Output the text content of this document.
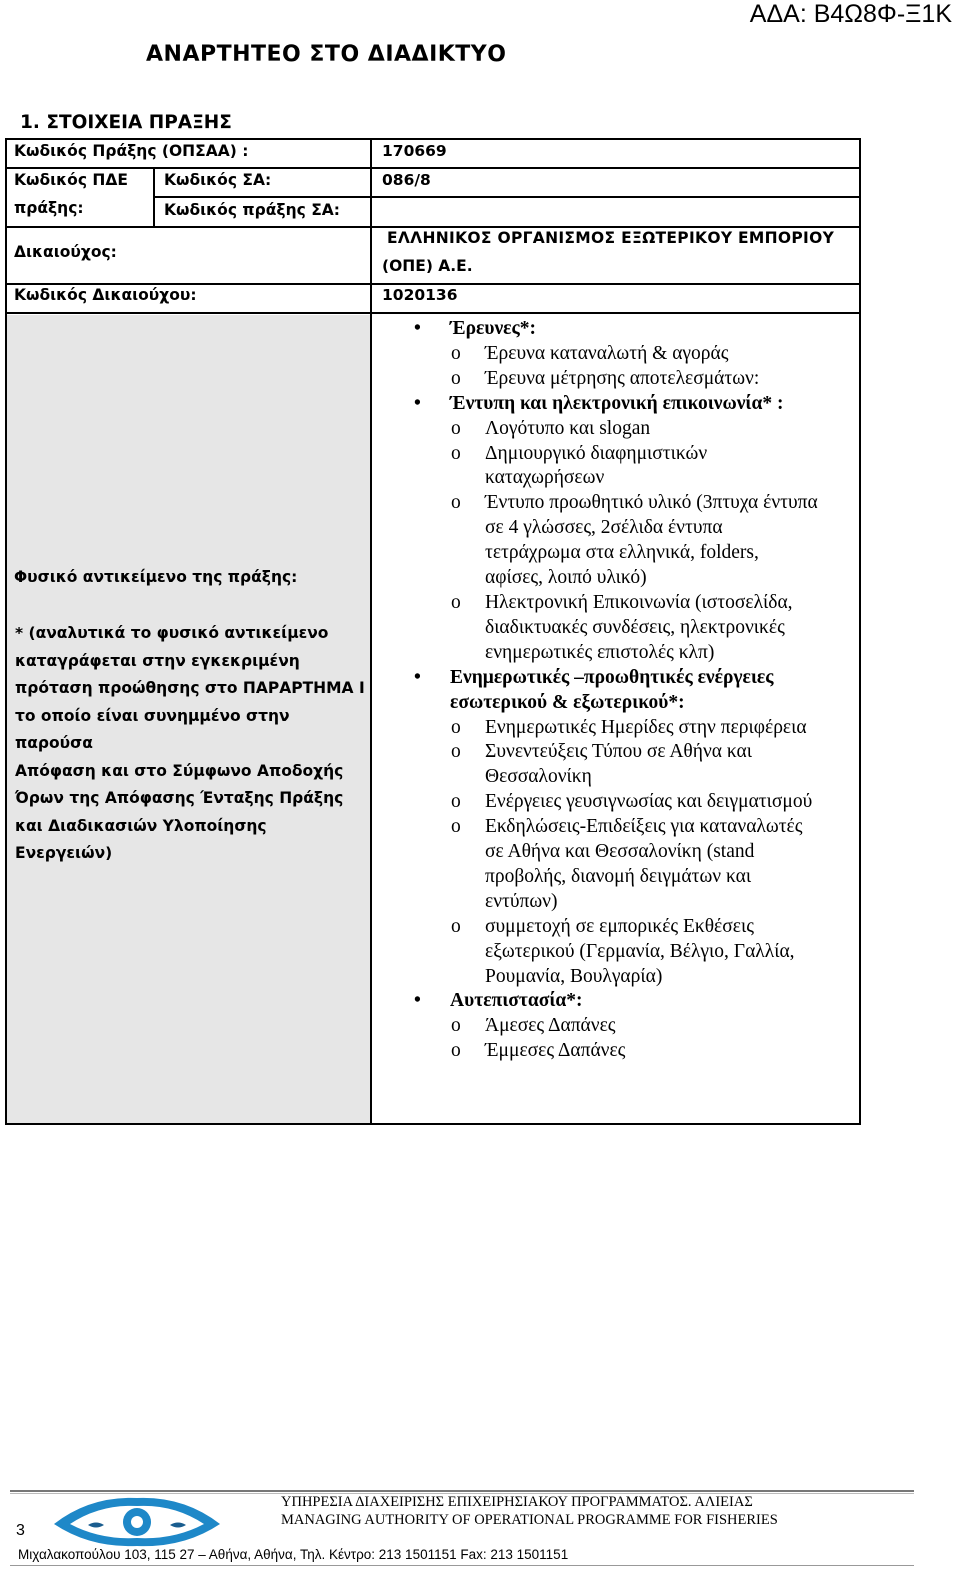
ΑΔΑ: Β4Ω8Φ-Ξ1Κ
ΑΝΑΡΤΗΤΕΟ ΣΤΟ ΔΙΑΔΙΚΤΥΟ
1. ΣΤΟΙΧΕΙΑ ΠΡΑΞΗΣ
Κωδικός Πράξης (ΟΠΣΑΑ) :	170669
Κωδικός ΠΔΕ
πράξης:
Κωδικός ΣΑ:	086/8
Κωδικός πράξης ΣΑ:
Δικαιούχος:
ΕΛΛΗΝΙΚΟΣ ΟΡΓΑΝΙΣΜΟΣ ΕΞΩΤΕΡΙΚΟΥ ΕΜΠΟΡΙΟΥ
(ΟΠΕ) Α.Ε.
Κωδικός Δικαιούχου:	1020136
Φυσικό αντικείμενο της πράξης:
* (αναλυτικά το φυσικό αντικείμενο
καταγράφεται στην εγκεκριμένη
πρόταση προώθησης στο ΠΑΡΑΡΤΗΜΑ Ι
το οποίο είναι συνημμένο στην παρούσα
Απόφαση και στο Σύμφωνο Αποδοχής
Όρων της Απόφασης Ένταξης Πράξης
και Διαδικασιών Υλοποίησης
Ενεργειών)
• Έρευνες*:
o Έρευνα καταναλωτή & αγοράς
o Έρευνα μέτρησης αποτελεσμάτων:
• Έντυπη και ηλεκτρονική επικοινωνία* :
o Λογότυπο και slogan
o Δημιουργικό διαφημιστικών
καταχωρήσεων
o Έντυπο προωθητικό υλικό (3πτυχα έντυπα
σε 4 γλώσσες, 2σέλιδα έντυπα
τετράχρωμα στα ελληνικά, folders,
αφίσες, λοιπό υλικό)
o Ηλεκτρονική Επικοινωνία (ιστοσελίδα,
διαδικτυακές συνδέσεις, ηλεκτρονικές
ενημερωτικές επιστολές κλπ)
• Ενημερωτικές –προωθητικές ενέργειες
εσωτερικού & εξωτερικού*:
o Ενημερωτικές Ημερίδες στην περιφέρεια
o Συνεντεύξεις Τύπου σε Αθήνα και
Θεσσαλονίκη
o Ενέργειες γευσιγνωσίας και δειγματισμού
o Εκδηλώσεις-Επιδείξεις για καταναλωτές
σε Αθήνα και Θεσσαλονίκη (stand
προβολής, διανομή δειγμάτων και
εντύπων)
o συμμετοχή σε εμπορικές Εκθέσεις
εξωτερικού (Γερμανία, Βέλγιο, Γαλλία,
Ρουμανία, Βουλγαρία)
• Αυτεπιστασία*:
o Άμεσες Δαπάνες
o Έμμεσες Δαπάνες
3
ΥΠΗΡΕΣΙΑ ΔΙΑΧΕΙΡΙΣΗΣ ΕΠΙΧΕΙΡΗΣΙΑΚΟΥ ΠΡΟΓΡΑΜΜΑΤΟΣ. ΑΛΙΕΙΑΣ
MANAGING AUTHORITY OF OPERATIONAL PROGRAMME FOR FISHERIES
Μιχαλακοπούλου 103, 115 27 – Αθήνα, Αθήνα, Τηλ. Κέντρο: 213 1501151 Fax: 213 1501151
